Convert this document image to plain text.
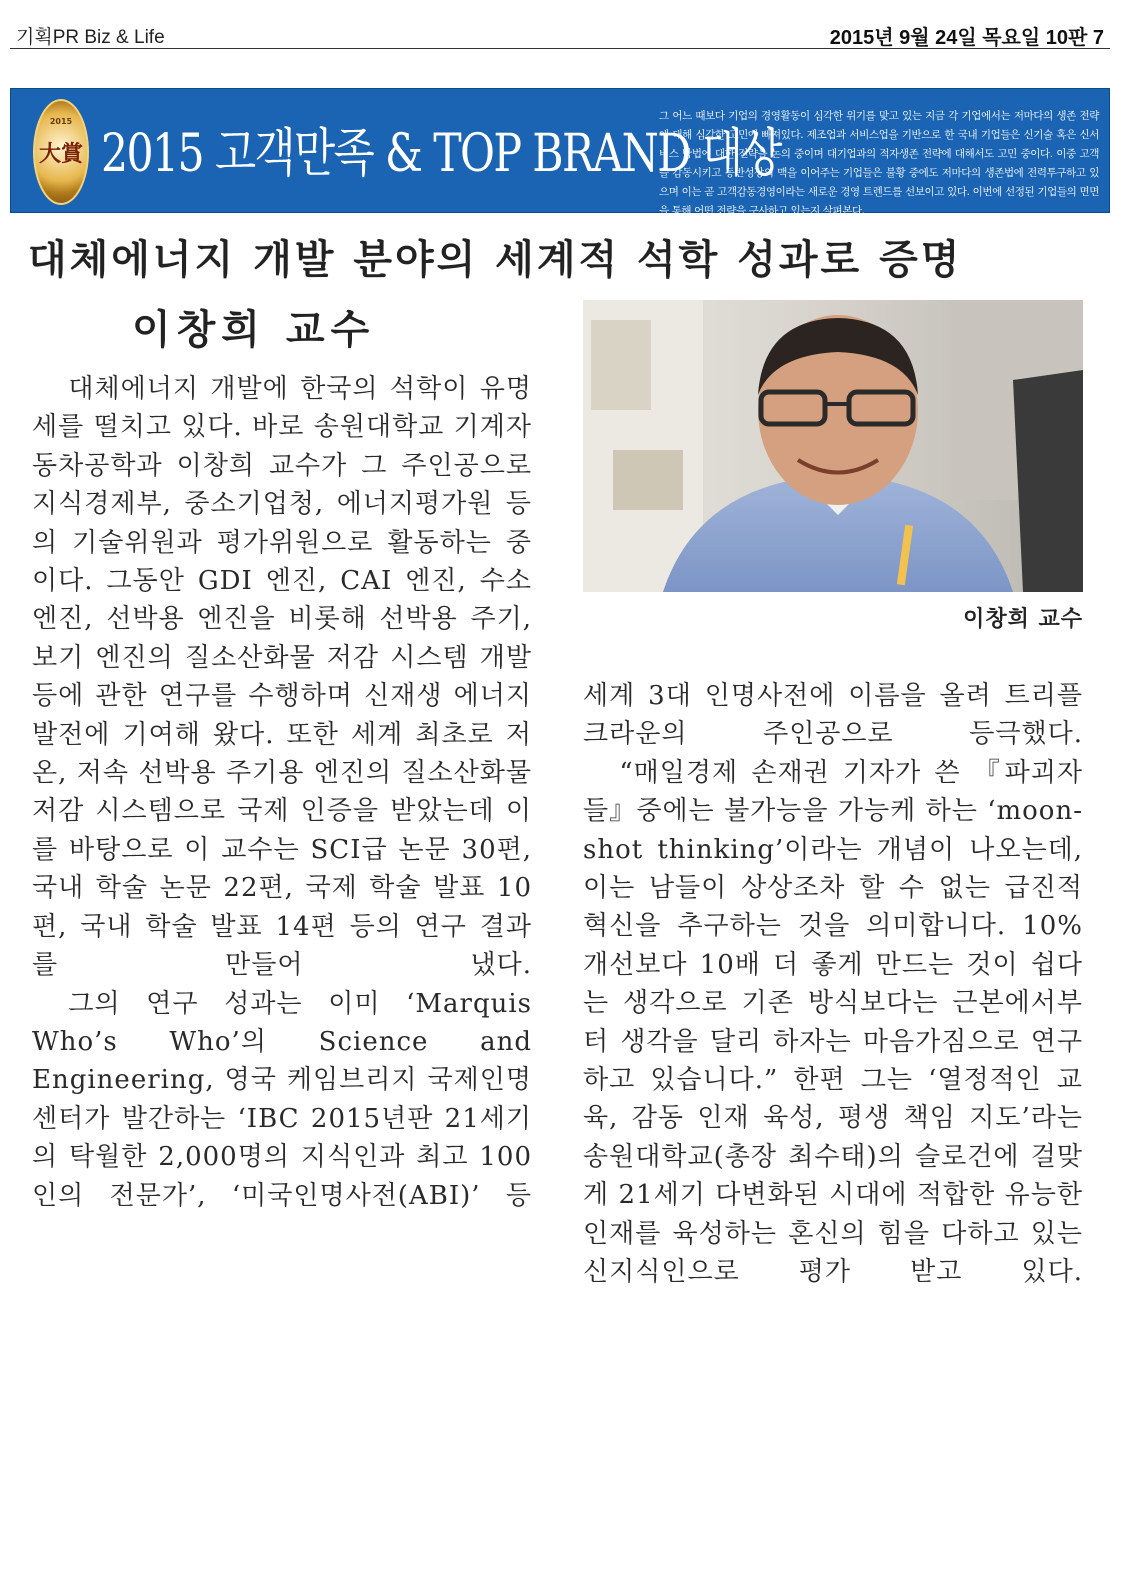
기획PR Biz & Life	2015년 9월 24일 목요일 10판 7
2015
大賞 2015 고객만족 & TOP BRAND 대상
그 어느 때보다 기업의 경영활동이 심각한 위기를 맞고 있는 지금 각 기업에서는 저마다의 생존 전략에 대해 심각한 고민에 빠져있다. 제조업과 서비스업을 기반으로 한 국내 기업들은 신기술 혹은 신서비스 방법에 대한 전략을 논의 중이며 대기업과의 적자생존 전략에 대해서도 고민 중이다. 이중 고객을 감동시키고 동반성장의 맥을 이어주는 기업들은 불황 중에도 저마다의 생존법에 전력투구하고 있으며 이는 곧 고객감동경영이라는 새로운 경영 트렌드를 선보이고 있다. 이번에 선정된 기업들의 면면을 통해 어떤 전략을 구사하고 있는지 살펴본다.
대체에너지 개발 분야의 세계적 석학 성과로 증명
이창희 교수

대체에너지 개발에 한국의 석학이 유명세를 떨치고 있다. 바로 송원대학교 기계자동차공학과 이창희 교수가 그 주인공으로 지식경제부, 중소기업청, 에너지평가원 등의 기술위원과 평가위원으로 활동하는 중이다. 그동안 GDI 엔진, CAI 엔진, 수소 엔진, 선박용 엔진을 비롯해 선박용 주기, 보기 엔진의 질소산화물 저감 시스템 개발 등에 관한 연구를 수행하며 신재생 에너지 발전에 기여해 왔다. 또한 세계 최초로 저온, 저속 선박용 주기용 엔진의 질소산화물 저감 시스템으로 국제 인증을 받았는데 이를 바탕으로 이 교수는 SCI급 논문 30편, 국내 학술 논문 22편, 국제 학술 발표 10편, 국내 학술 발표 14편 등의 연구 결과를 만들어 냈다.

그의 연구 성과는 이미 ‘Marquis Who’s Who’의 Science and Engineering, 영국 케임브리지 국제인명센터가 발간하는 ‘IBC 2015년판 21세기의 탁월한 2,000명의 지식인과 최고 100인의 전문가’, ‘미국인명사전(ABI)’ 등

이창희 교수

세계 3대 인명사전에 이름을 올려 트리플 크라운의 주인공으로 등극했다.

“매일경제 손재권 기자가 쓴 『파괴자들』중에는 불가능을 가능케 하는 ‘moon-shot thinking’이라는 개념이 나오는데, 이는 남들이 상상조차 할 수 없는 급진적 혁신을 추구하는 것을 의미합니다. 10% 개선보다 10배 더 좋게 만드는 것이 쉽다는 생각으로 기존 방식보다는 근본에서부터 생각을 달리 하자는 마음가짐으로 연구하고 있습니다.” 한편 그는 ‘열정적인 교육, 감동 인재 육성, 평생 책임 지도’라는 송원대학교(총장 최수태)의 슬로건에 걸맞게 21세기 다변화된 시대에 적합한 유능한 인재를 육성하는 혼신의 힘을 다하고 있는 신지식인으로 평가 받고 있다.
